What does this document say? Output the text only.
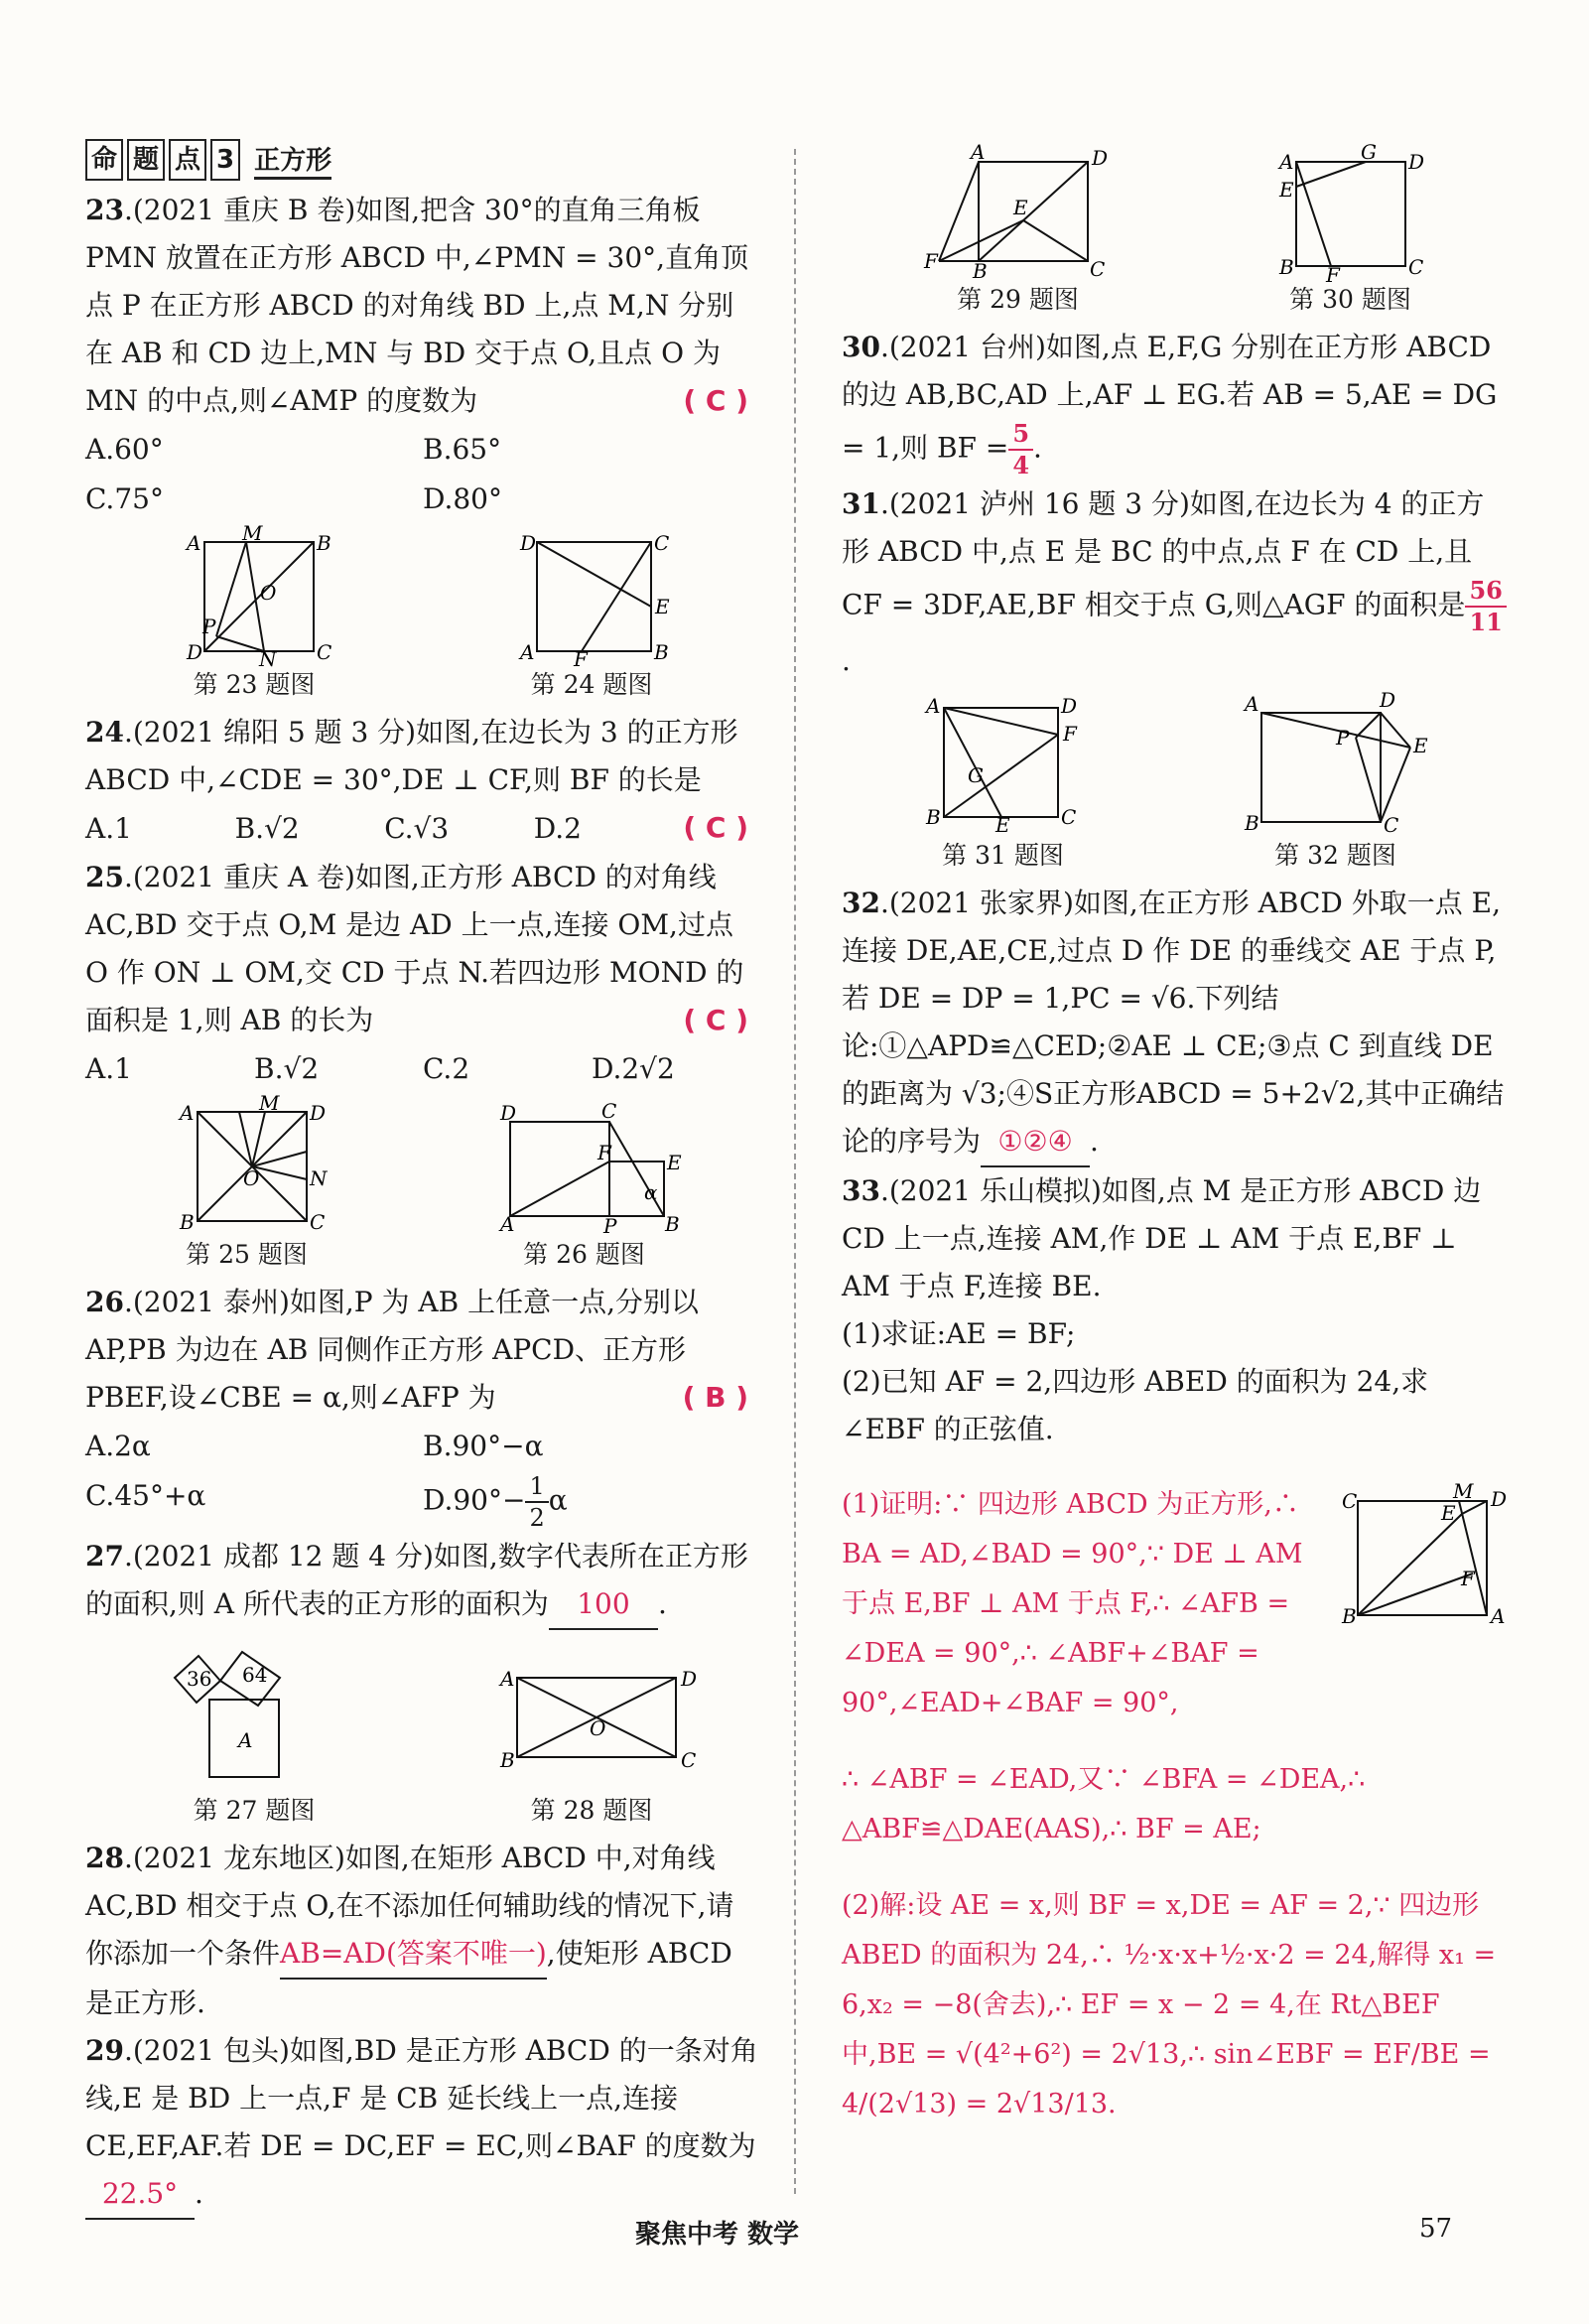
命 题 点 3 正方形

23.(2021 重庆 B 卷)如图,把含 30°的直角三角板 PMN 放置在正方形 ABCD 中,∠PMN = 30°,直角顶点 P 在正方形 ABCD 的对角线 BD 上,点 M,N 分别在 AB 和 CD 边上,MN 与 BD 交于点 O,且点 O 为 MN 的中点,则∠AMP 的度数为	( C )

A.60°	B.65°
C.75°	D.80°
A M	B
O
P
D	N C
第 23 题图
D	C
E
F
A	B
第 24 题图

24.(2021 绵阳 5 题 3 分)如图,在边长为 3 的正方形 ABCD 中,∠CDE = 30°,DE ⊥ CF,则 BF 的长是
( C )

A.1	B.√2	C.√3	D.2

25.(2021 重庆 A 卷)如图,正方形 ABCD 的对角线 AC,BD 交于点 O,M 是边 AD 上一点,连接 OM,过点 O 作 ON ⊥ OM,交 CD 于点 N.若四边形 MOND 的面积是 1,则 AB 的长为	( C )

A.1	B.√2	C.2	D.2√2
A	M D
O	N
B	C
第 25 题图
D	C
F	E
α
A	P B
第 26 题图

26.(2021 泰州)如图,P 为 AB 上任意一点,分别以 AP,PB 为边在 AB 同侧作正方形 APCD、正方形 PBEF,设∠CBE = α,则∠AFP 为	( B )

A.2α	B.90°−α
C.45°+α	$D.90^\circ- \frac{1}{2}$ α

27.(2021 成都 12 题 4 分)如图,数字代表所在正方形的面积,则 A 所代表的正方形的面积为 100 .

36 64
A
第 27 题图
A	D
O
B	C
第 28 题图

28.(2021 龙东地区)如图,在矩形 ABCD 中,对角线 AC,BD 相交于点 O,在不添加任何辅助线的情况下,请你添加一个条件AB=AD(答案不唯一),使矩形 ABCD 是正方形.

29.(2021 包头)如图,BD 是正方形 ABCD 的一条对角线,E 是 BD 上一点,F 是 CB 延长线上一点,连接 CE,EF,AF.若 DE = DC,EF = EC,则∠BAF 的度数为22.5° .

A	D
E
F B	C
第 29 题图
A	G D
E
B F	C
第 30 题图

30.(2021 台州)如图,点 E,F,G 分别在正方形 ABCD 的边 AB,BC,AD 上,AF ⊥ EG.若 AB = 5,AE = DG = 1,则 BF = $\frac{5}{4}$ .

31.(2021 泸州 16 题 3 分)如图,在边长为 4 的正方形 ABCD 中,点 E 是 BC 的中点,点 F 在 CD 上,且 CF = 3DF,AE,BF 相交于点 G,则△AGF 的面积是 $\frac{56}{11}$
.

A	D
F
G
B	E	C
第 31 题图
A	D
P	E
B	C
第 32 题图

32.(2021 张家界)如图,在正方形 ABCD 外取一点 E,连接 DE,AE,CE,过点 D 作 DE 的垂线交 AE 于点 P,若 DE = DP = 1,PC = √6.下列结论:①△APD≌△CED;②AE ⊥ CE;③点 C 到直线 DE 的距离为 √3;④S正方形ABCD = 5+2√2,其中正确结论的序号为 ①②④ .

33.(2021 乐山模拟)如图,点 M 是正方形 ABCD 边 CD 上一点,连接 AM,作 DE ⊥ AM 于点 E,BF ⊥ AM 于点 F,连接 BE.

(1)求证:AE = BF;

(2)已知 AF = 2,四边形 ABED 的面积为 24,求∠EBF 的正弦值.

C	M D
E
F
B	A

(1)证明:∵ 四边形 ABCD 为正方形,∴ BA = AD,∠BAD = 90°,∵ DE ⊥ AM 于点 E,BF ⊥ AM 于点 F,∴ ∠AFB = ∠DEA = 90°,∴ ∠ABF+∠BAF = 90°,∠EAD+∠BAF = 90°,

∴ ∠ABF = ∠EAD,又∵ ∠BFA = ∠DEA,∴ △ABF≌△DAE(AAS),∴ BF = AE;

(2)解:设 AE = x,则 BF = x,DE = AF = 2,∵ 四边形 ABED 的面积为 24,∴ ½·x·x+½·x·2 = 24,解得 x₁ = 6,x₂ = −8(舍去),∴ EF = x − 2 = 4,在 Rt△BEF 中,BE = √(4²+6²) = 2√13,∴ sin∠EBF = EF/BE = 4/(2√13) = 2√13/13.

聚焦中考 数学	57
